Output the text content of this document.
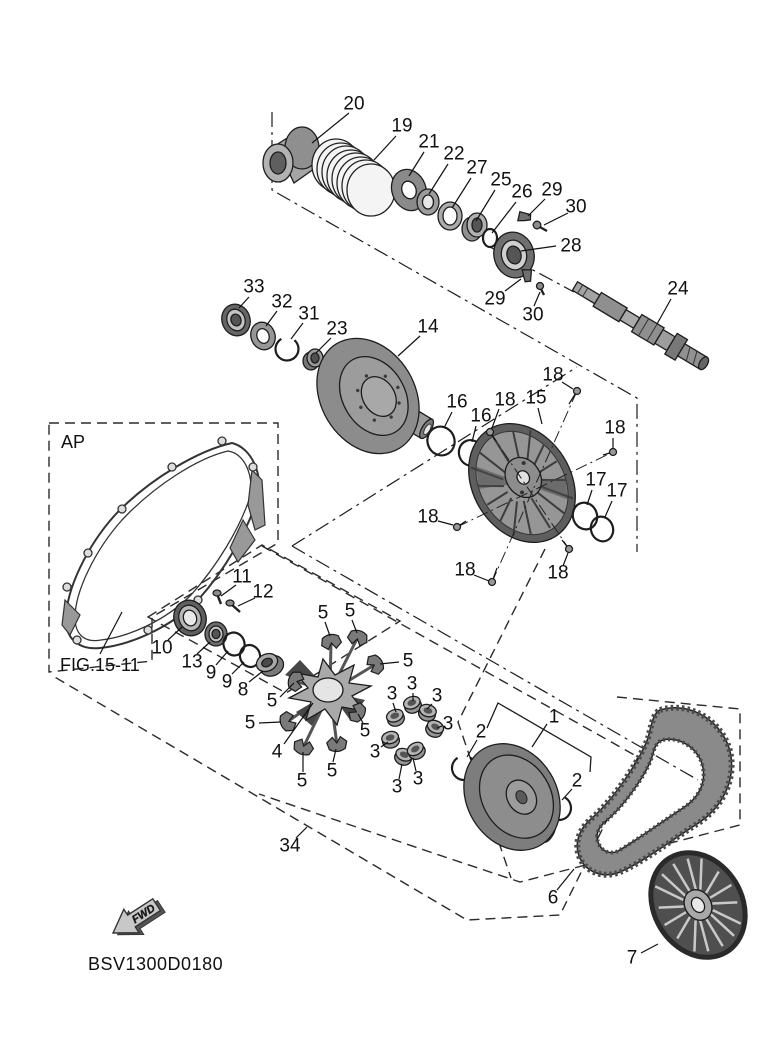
FWD
AP
FIG.15-11
BSV1300D0180
20
19
21
22
27
25
26 29
30
28
29
30
24
33
32
31
23	14
16
16
15
18
18
18
18
18	18
17
17
11
12
10
13
9 9 8
34
4
5 5
5
5
5	5
5
5
3 3
3
3
3
3 3
2
2
1
6
7
